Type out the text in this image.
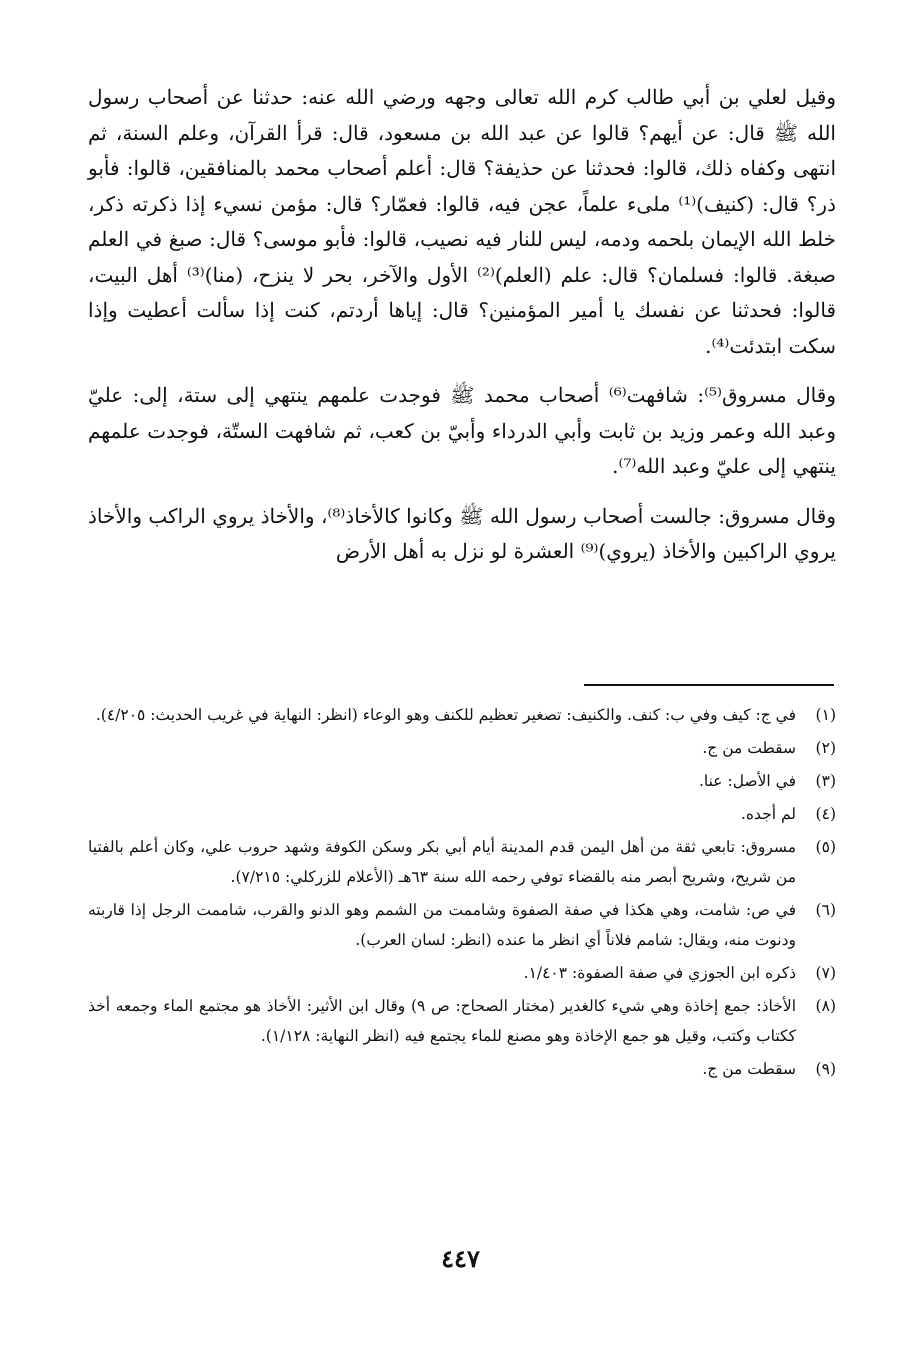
وقيل لعلي بن أبي طالب كرم الله تعالى وجهه ورضي الله عنه: حدثنا عن أصحاب رسول الله ﷺ قال: عن أيهم؟ قالوا عن عبد الله بن مسعود، قال: قرأ القرآن، وعلم السنة، ثم انتهى وكفاه ذلك، قالوا: فحدثنا عن حذيفة؟ قال: أعلم أصحاب محمد بالمنافقين، قالوا: فأبو ذر؟ قال: (كنيف)⁽¹⁾ ملىء علماً، عجن فيه، قالوا: فعمّار؟ قال: مؤمن نسيء إذا ذكرته ذكر، خلط الله الإيمان بلحمه ودمه، ليس للنار فيه نصيب، قالوا: فأبو موسى؟ قال: صبغ في العلم صبغة. قالوا: فسلمان؟ قال: علم (العلم)⁽²⁾ الأول والآخر، بحر لا ينزح، (منا)⁽³⁾ أهل البيت، قالوا: فحدثنا عن نفسك يا أمير المؤمنين؟ قال: إياها أردتم، كنت إذا سألت أعطيت وإذا سكت ابتدئت⁽⁴⁾.

وقال مسروق⁽⁵⁾: شافهت⁽⁶⁾ أصحاب محمد ﷺ فوجدت علمهم ينتهي إلى ستة، إلى: عليّ وعبد الله وعمر وزيد بن ثابت وأبي الدرداء وأبيّ بن كعب، ثم شافهت الستّة، فوجدت علمهم ينتهي إلى عليّ وعبد الله⁽⁷⁾.

وقال مسروق: جالست أصحاب رسول الله ﷺ وكانوا كالأخاذ⁽⁸⁾، والأخاذ يروي الراكب والأخاذ يروي الراكبين والأخاذ (يروي)⁽⁹⁾ العشرة لو نزل به أهل الأرض

(١)
في ج: كيف وفي ب: كنف. والكنيف: تصغير تعظيم للكنف وهو الوعاء (انظر: النهاية في غريب الحديث: ٤/٢٠٥).
(٢)
سقطت من ج.
(٣)
في الأصل: عنا.
(٤)
لم أجده.
(٥)
مسروق: تابعي ثقة من أهل اليمن قدم المدينة أيام أبي بكر وسكن الكوفة وشهد حروب علي، وكان أعلم بالفتيا من شريح، وشريح أبصر منه بالقضاء توفي رحمه الله سنة ٦٣هـ (الأعلام للزركلي: ٧/٢١٥).
(٦)
في ص: شامت، وهي هكذا في صفة الصفوة وشاممت من الشمم وهو الدنو والقرب، شاممت الرجل إذا قاربته ودنوت منه، ويقال: شامم فلاناً أي انظر ما عنده (انظر: لسان العرب).
(٧)
ذكره ابن الجوزي في صفة الصفوة: ١/٤٠٣.
(٨)
الأخاذ: جمع إخاذة وهي شيء كالغدير (مختار الصحاح: ص ٩) وقال ابن الأثير: الأخاذ هو مجتمع الماء وجمعه أخذ ككتاب وكتب، وقيل هو جمع الإخاذة وهو مصنع للماء يجتمع فيه (انظر النهاية: ١/١٢٨).
(٩)
سقطت من ج.
٤٤٧
